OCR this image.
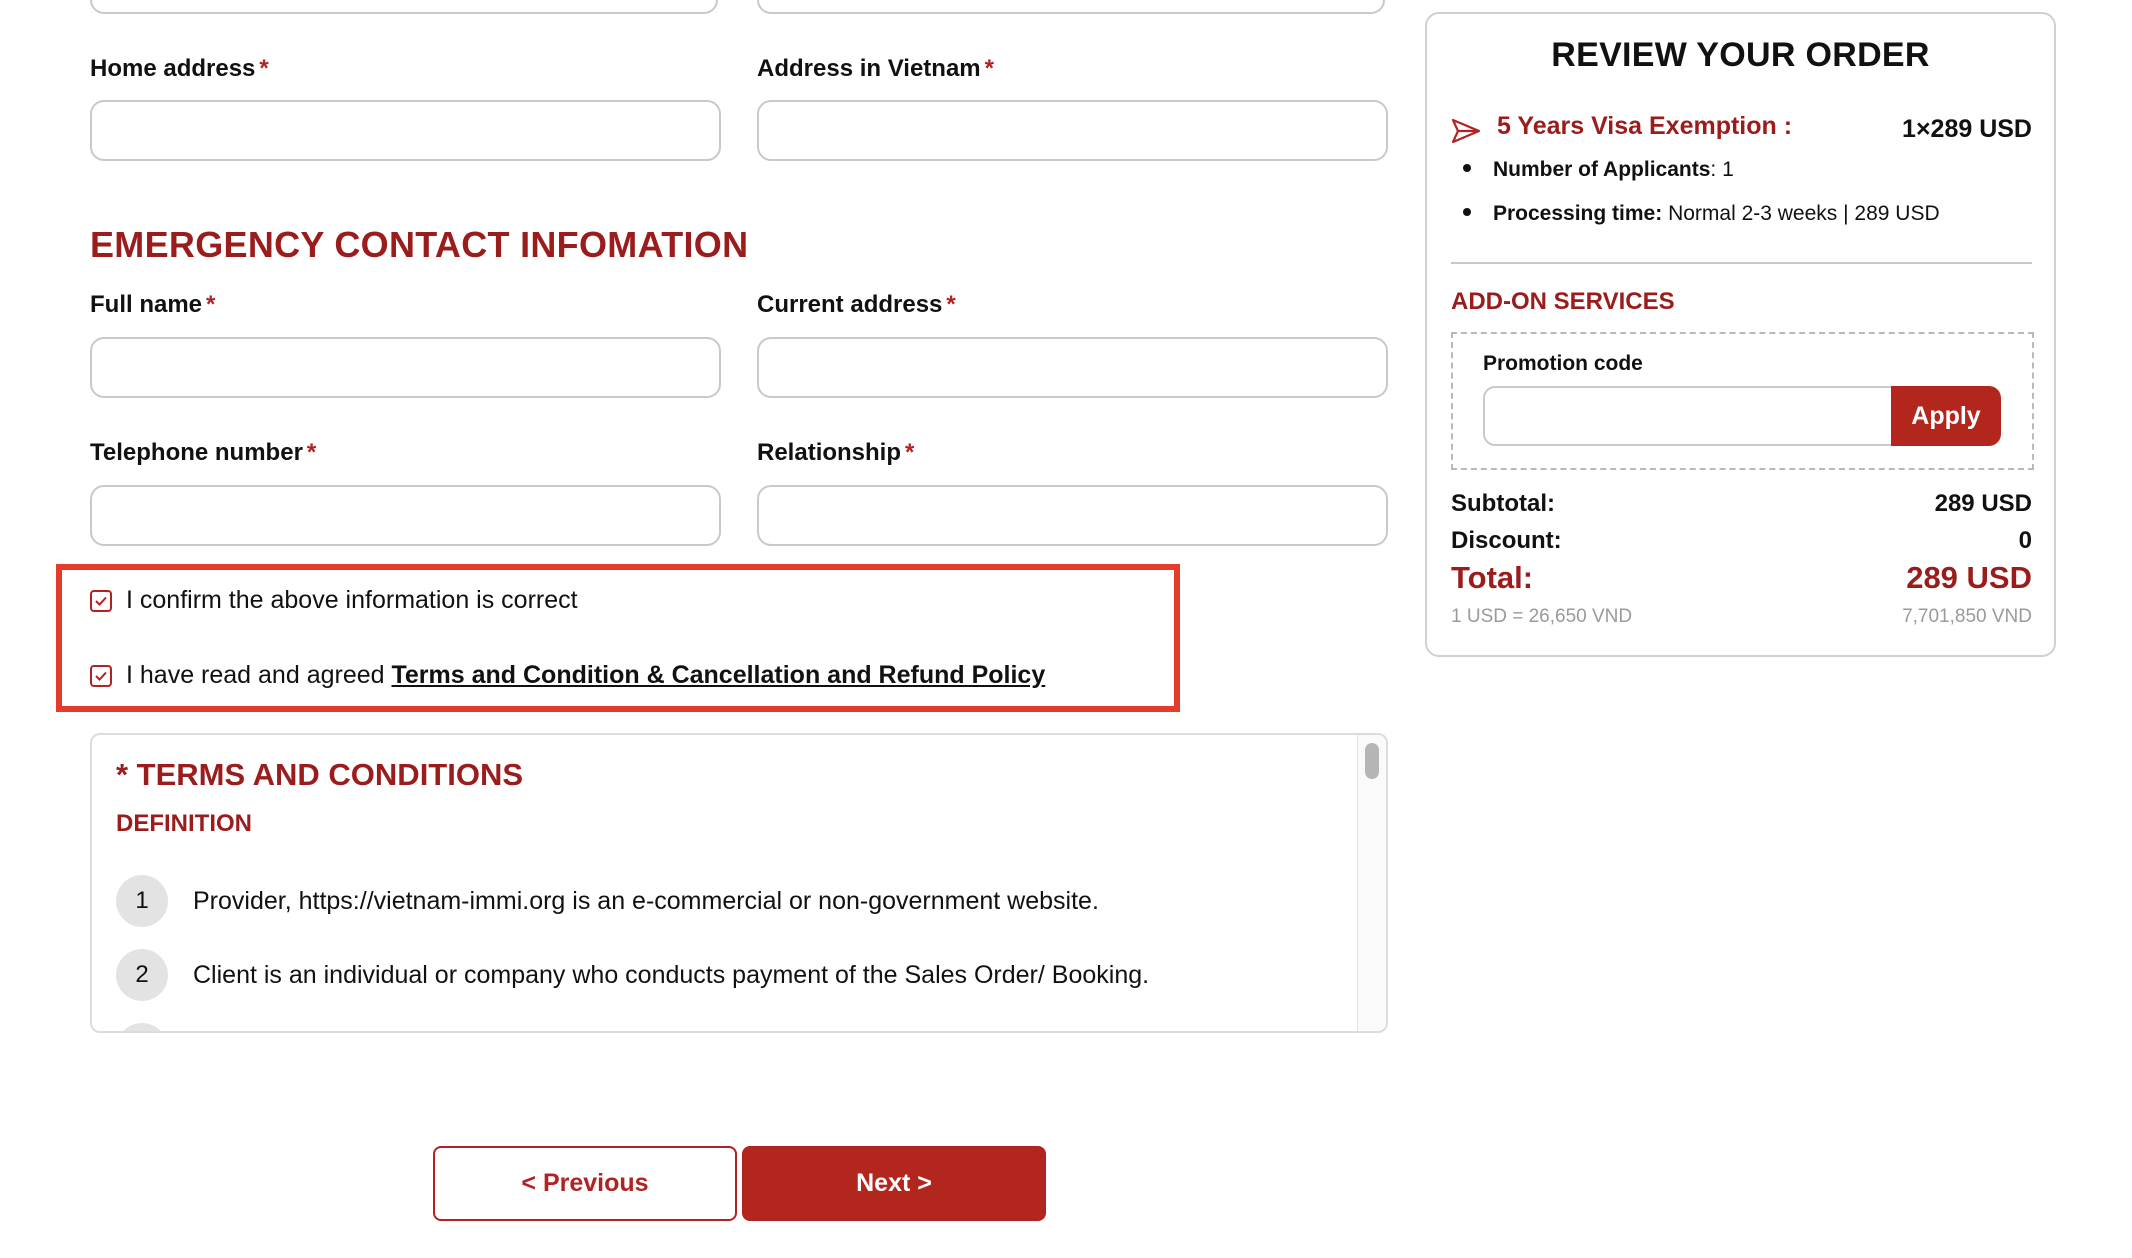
Home address *	Address in Vietnam *
EMERGENCY CONTACT INFOMATION
Full name *	Current address *
Telephone number *	Relationship *
I confirm the above information is correct
I have read and agreed Terms and Condition & Cancellation and Refund Policy
* TERMS AND CONDITIONS
DEFINITION
1	Provider, https://vietnam-immi.org is an e-commercial or non-government website.
2	Client is an individual or company who conducts payment of the Sales Order/ Booking.
< Previous	Next >
REVIEW YOUR ORDER
5 Years Visa Exemption :	1×289 USD
Number of Applicants: 1
Processing time: Normal 2-3 weeks | 289 USD
ADD-ON SERVICES
Promotion code
Apply
Subtotal:	289 USD
Discount:	0
Total:	289 USD
1 USD = 26,650 VND	7,701,850 VND
